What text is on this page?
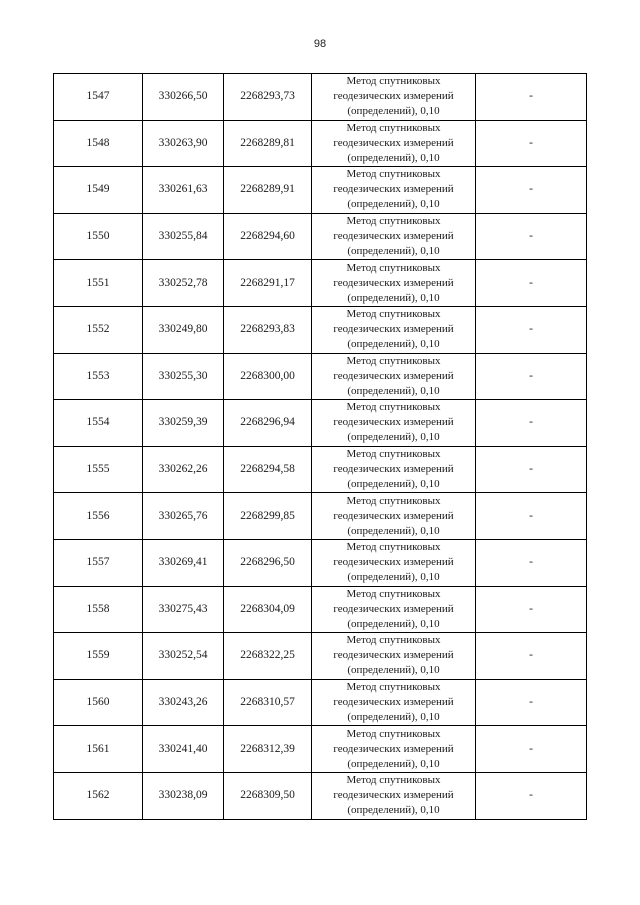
98
1547	330266,50	2268293,73	Метод спутниковых
геодезических измерений
(определений), 0,10	-
1548	330263,90	2268289,81	Метод спутниковых
геодезических измерений
(определений), 0,10	-
1549	330261,63	2268289,91	Метод спутниковых
геодезических измерений
(определений), 0,10	-
1550	330255,84	2268294,60	Метод спутниковых
геодезических измерений
(определений), 0,10	-
1551	330252,78	2268291,17	Метод спутниковых
геодезических измерений
(определений), 0,10	-
1552	330249,80	2268293,83	Метод спутниковых
геодезических измерений
(определений), 0,10	-
1553	330255,30	2268300,00	Метод спутниковых
геодезических измерений
(определений), 0,10	-
1554	330259,39	2268296,94	Метод спутниковых
геодезических измерений
(определений), 0,10	-
1555	330262,26	2268294,58	Метод спутниковых
геодезических измерений
(определений), 0,10	-
1556	330265,76	2268299,85	Метод спутниковых
геодезических измерений
(определений), 0,10	-
1557	330269,41	2268296,50	Метод спутниковых
геодезических измерений
(определений), 0,10	-
1558	330275,43	2268304,09	Метод спутниковых
геодезических измерений
(определений), 0,10	-
1559	330252,54	2268322,25	Метод спутниковых
геодезических измерений
(определений), 0,10	-
1560	330243,26	2268310,57	Метод спутниковых
геодезических измерений
(определений), 0,10	-
1561	330241,40	2268312,39	Метод спутниковых
геодезических измерений
(определений), 0,10	-
1562	330238,09	2268309,50	Метод спутниковых
геодезических измерений
(определений), 0,10	-
